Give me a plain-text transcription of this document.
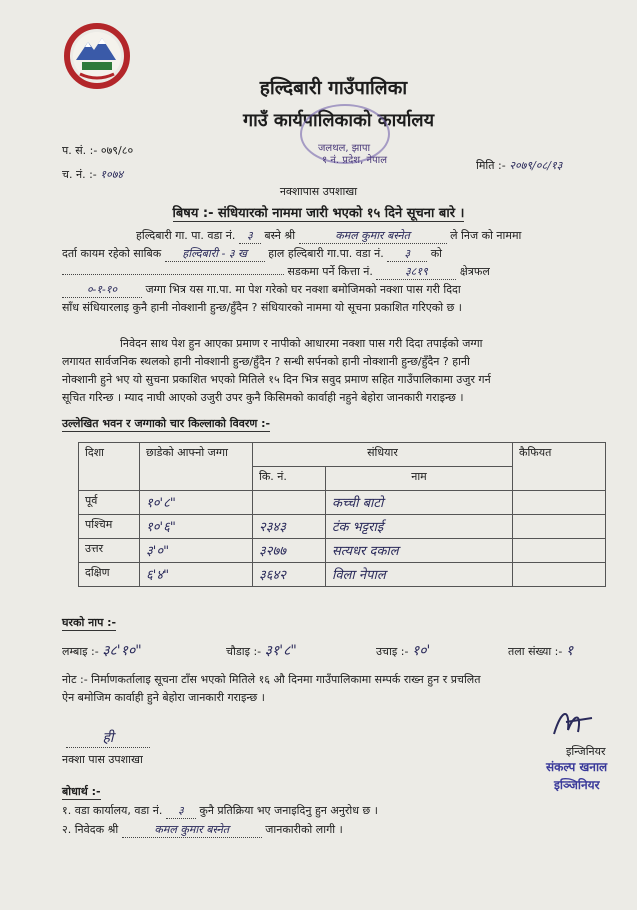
हल्दिबारी गाउँपालिका
गाउँ कार्यपालिकाको कार्यालय
जलथल, झापा
१ नं. प्रदेश, नेपाल
प. सं. :- ०७९/८०
च. नं. :- १०७४
मिति :- २०७९/०८/१३
नक्शापास उपशाखा
बिषय :- संधियारको नाममा जारी भएको १५ दिने सूचना बारे ।
हल्दिबारी गा. पा. वडा नं. ३ बस्ने श्री	कमल कुमार बस्नेत	ले निज को नाममा
दर्ता कायम रहेको साबिक हल्दिबारी - ३ ख हाल हल्दिबारी गा.पा. वडा नं. ३ को
सडकमा पर्ने कित्ता नं.	३८१९	क्षेत्रफल
०-१-१०	जग्गा भित्र यस गा.पा. मा पेश गरेको घर नक्शा बमोजिमको नक्शा पास गरी दिदा
साँध संधियारलाइ कुनै हानी नोक्शानी हुन्छ/हुँदैन ? संधियारको नाममा यो सूचना प्रकाशित गरिएको छ ।
निवेदन साथ पेश हुन आएका प्रमाण र नापीको आधारमा नक्शा पास गरी दिदा तपाईको जग्गा
लगायत सार्वजनिक स्थलको हानी नोक्शानी हुन्छ/हुँदैन ? सन्धी सर्पनको हानी नोक्शानी हुन्छ/हुँदैन ? हानी
नोक्शानी हुने भए यो सुचना प्रकाशित भएको मितिले १५ दिन भित्र सवुद प्रमाण सहित गाउँपालिकामा उजुर गर्न
सूचित गरिन्छ । म्याद नाघी आएको उजुरी उपर कुनै किसिमको कार्वाही नहुने बेहोरा जानकारी गराइन्छ ।
उल्लेखित भवन र जग्गाको चार किल्लाको विवरण :-
दिशा	छाडेको आफ्नो जग्गा	संधियार		कैफियत
		कि. नं.	नाम	
पूर्व	१०'८"		कच्ची बाटो	
पश्चिम	१०'६"	२३४३	टंक भट्टराई	
उत्तर	३'०"	३२७७	सत्यधर दकाल	
दक्षिण	६'४"	३६४२	विला नेपाल	
घरको नाप :-
लम्बाइ :- ३८'१०"	चौडाइ :- ३१'८"	उचाइ :- १०'	तला संख्या :- १
नोट :- निर्माणकर्तालाइ सूचना टाँस भएको मितिले १६ औ दिनमा गाउँपालिकामा सम्पर्क राख्न हुन र प्रचलित
ऐन बमोजिम कार्वाही हुने बेहोरा जानकारी गराइन्छ ।
ही
नक्शा पास उपशाखा
इन्जिनियर
संकल्प खनाल
इञ्जिनियर
बोधार्थ :-
१. वडा कार्यालय, वडा नं. ३ कुनै प्रतिक्रिया भए जनाइदिनु हुन अनुरोध छ ।
२. निवेदक श्री	कमल कुमार बस्नेत	जानकारीको लागी ।
